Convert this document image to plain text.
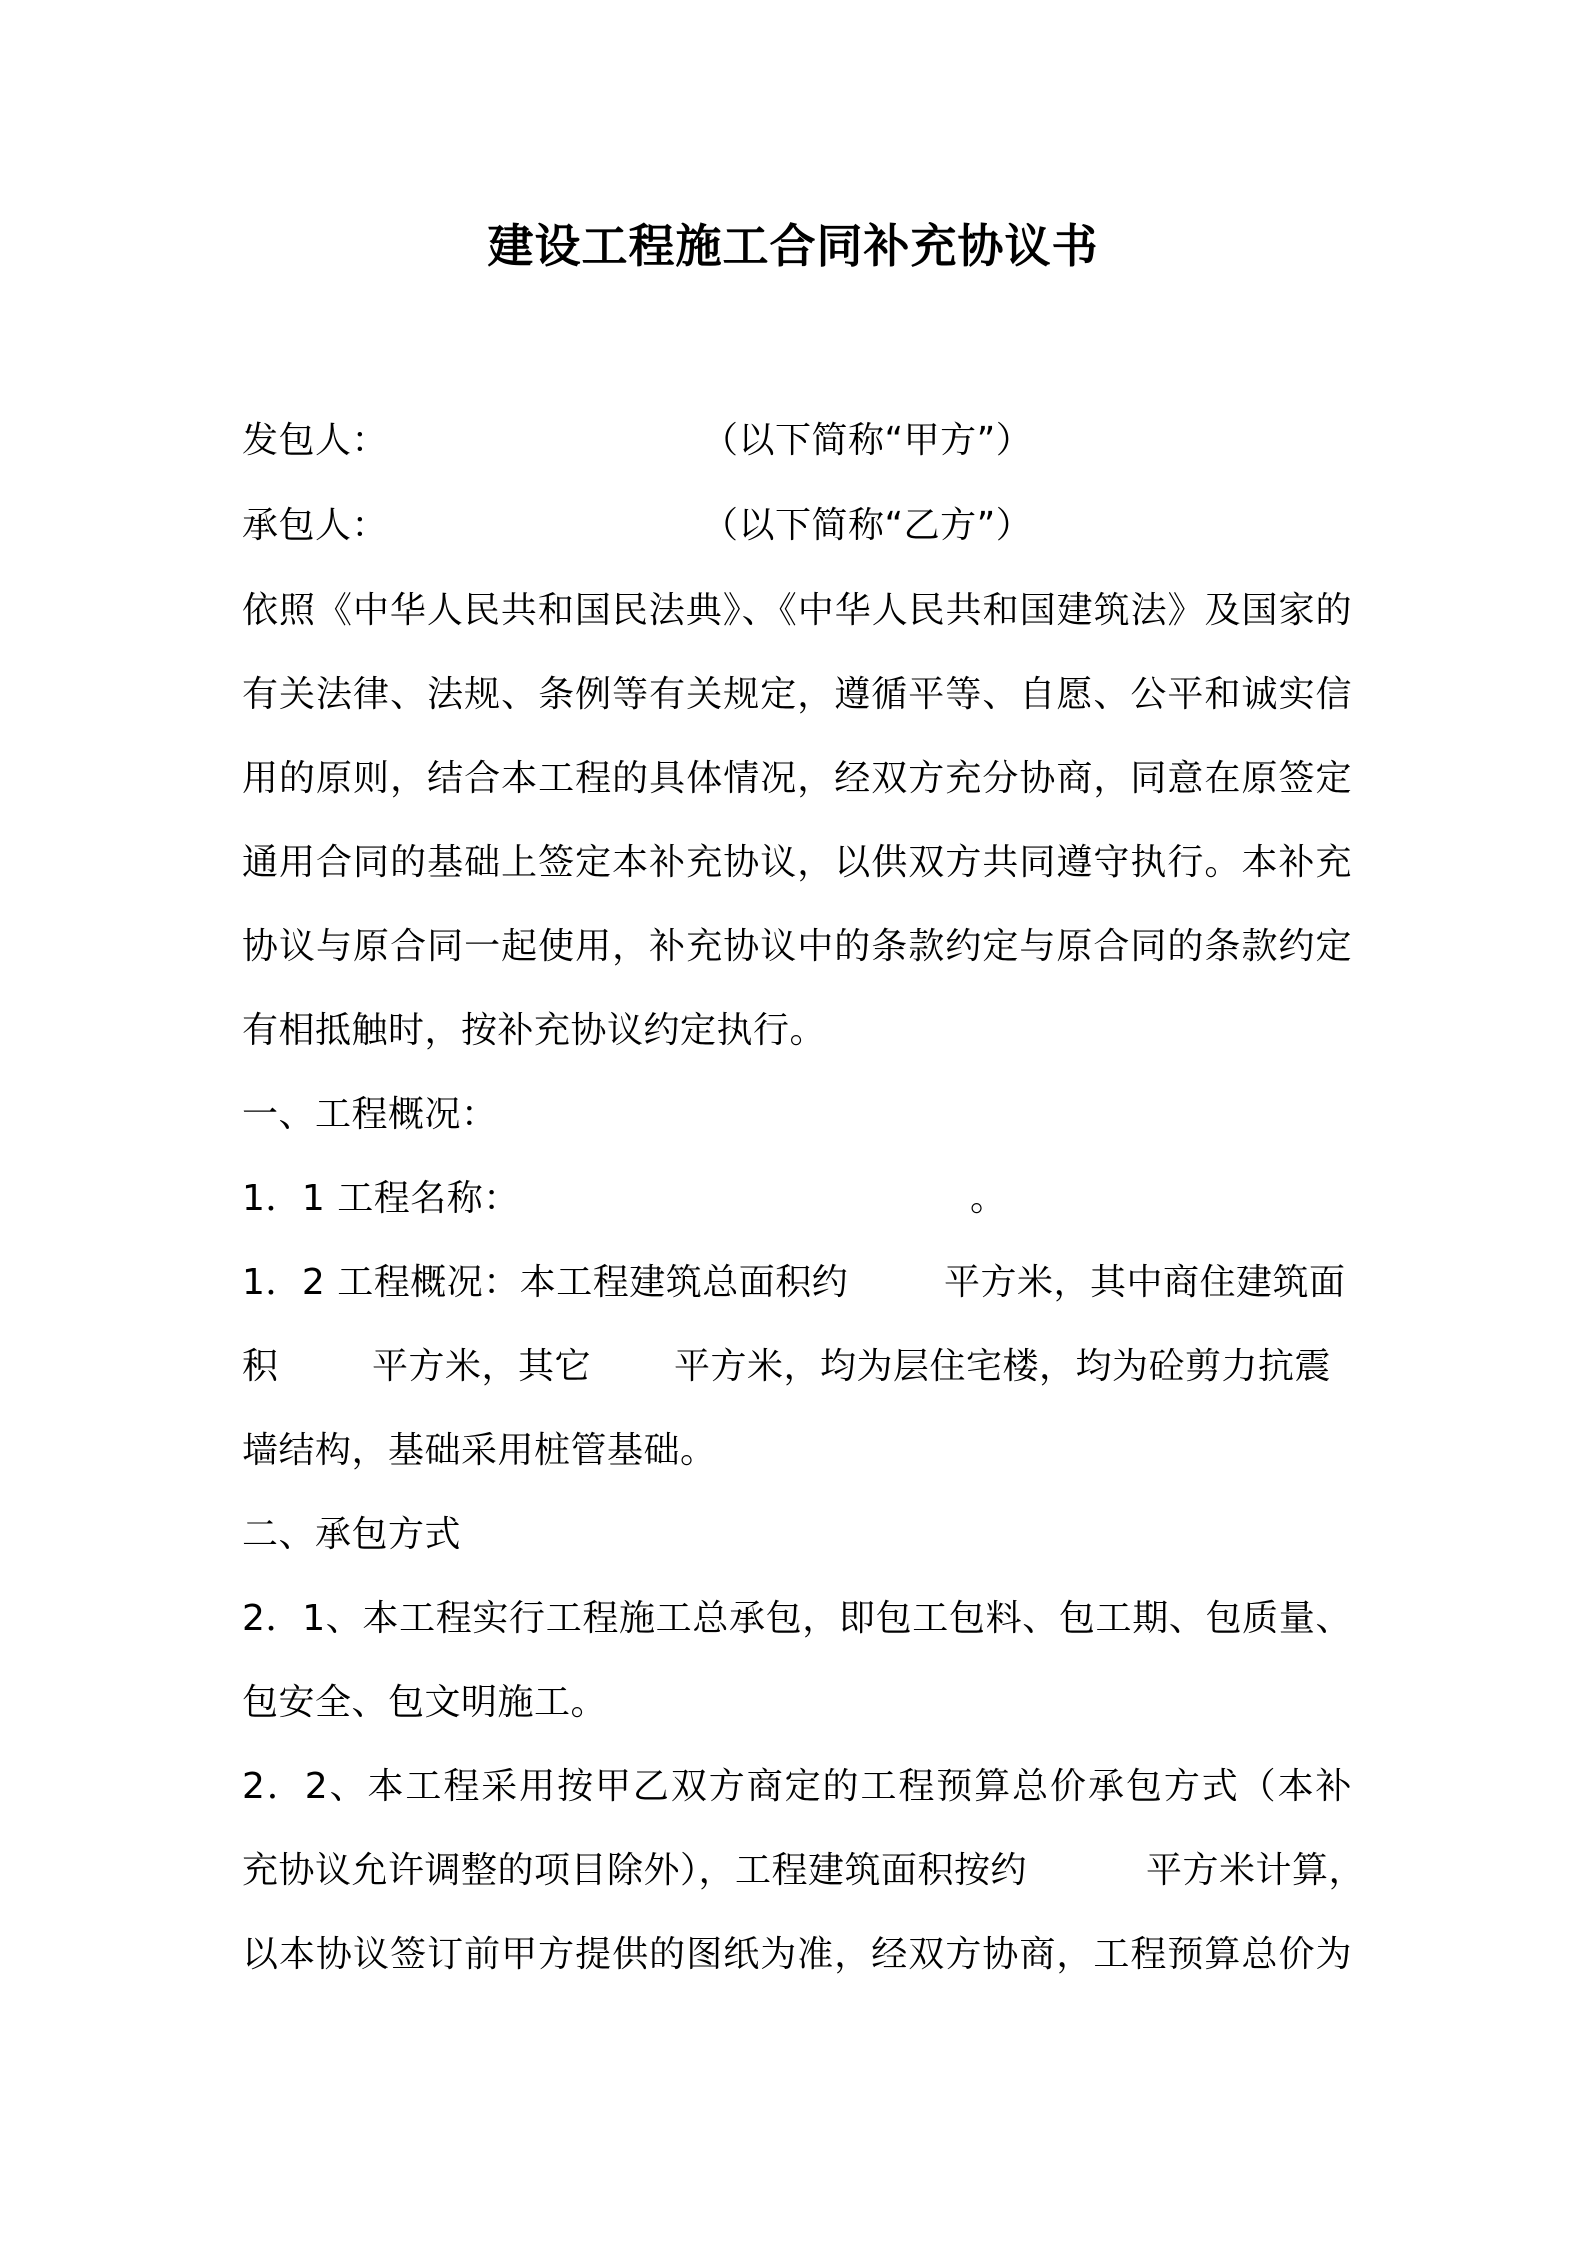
建设工程施工合同补充协议书
发包人：	（以下简称“甲方”）
承包人：	（以下简称“乙方”）
依照《中华人民共和国民法典》、《中华人民共和国建筑法》及国家的
有关法律、法规、条例等有关规定，遵循平等、自愿、公平和诚实信
用的原则，结合本工程的具体情况，经双方充分协商，同意在原签定
通用合同的基础上签定本补充协议，以供双方共同遵守执行。本补充
协议与原合同一起使用，补充协议中的条款约定与原合同的条款约定
有相抵触时，按补充协议约定执行。
一、工程概况：
1．1 工程名称：	。
1．2 工程概况：本工程建筑总面积约	平方米，其中商住建筑面
积	平方米，其它 平方米，均为层住宅楼，均为砼剪力抗震
墙结构，基础采用桩管基础。
二、承包方式
2．1、本工程实行工程施工总承包，即包工包料、包工期、包质量、
包安全、包文明施工。
2．2、本工程采用按甲乙双方商定的工程预算总价承包方式（本补
充协议允许调整的项目除外），工程建筑面积按约	平方米计算，
以本协议签订前甲方提供的图纸为准，经双方协商，工程预算总价为
